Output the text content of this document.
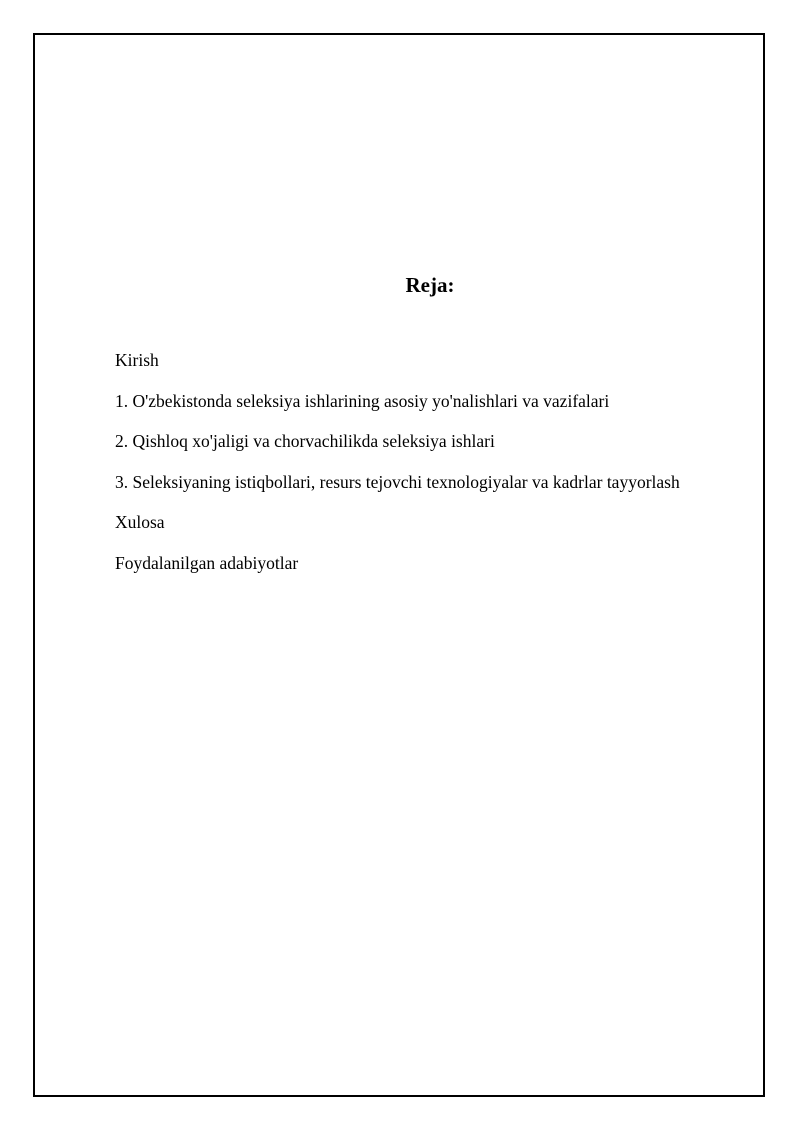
Reja:
Kirish
1. O'zbekistonda seleksiya ishlarining asosiy yo'nalishlari va vazifalari
2. Qishloq xo'jaligi va chorvachilikda seleksiya ishlari
3. Seleksiyaning istiqbollari, resurs tejovchi texnologiyalar va kadrlar tayyorlash
Xulosa
Foydalanilgan adabiyotlar
